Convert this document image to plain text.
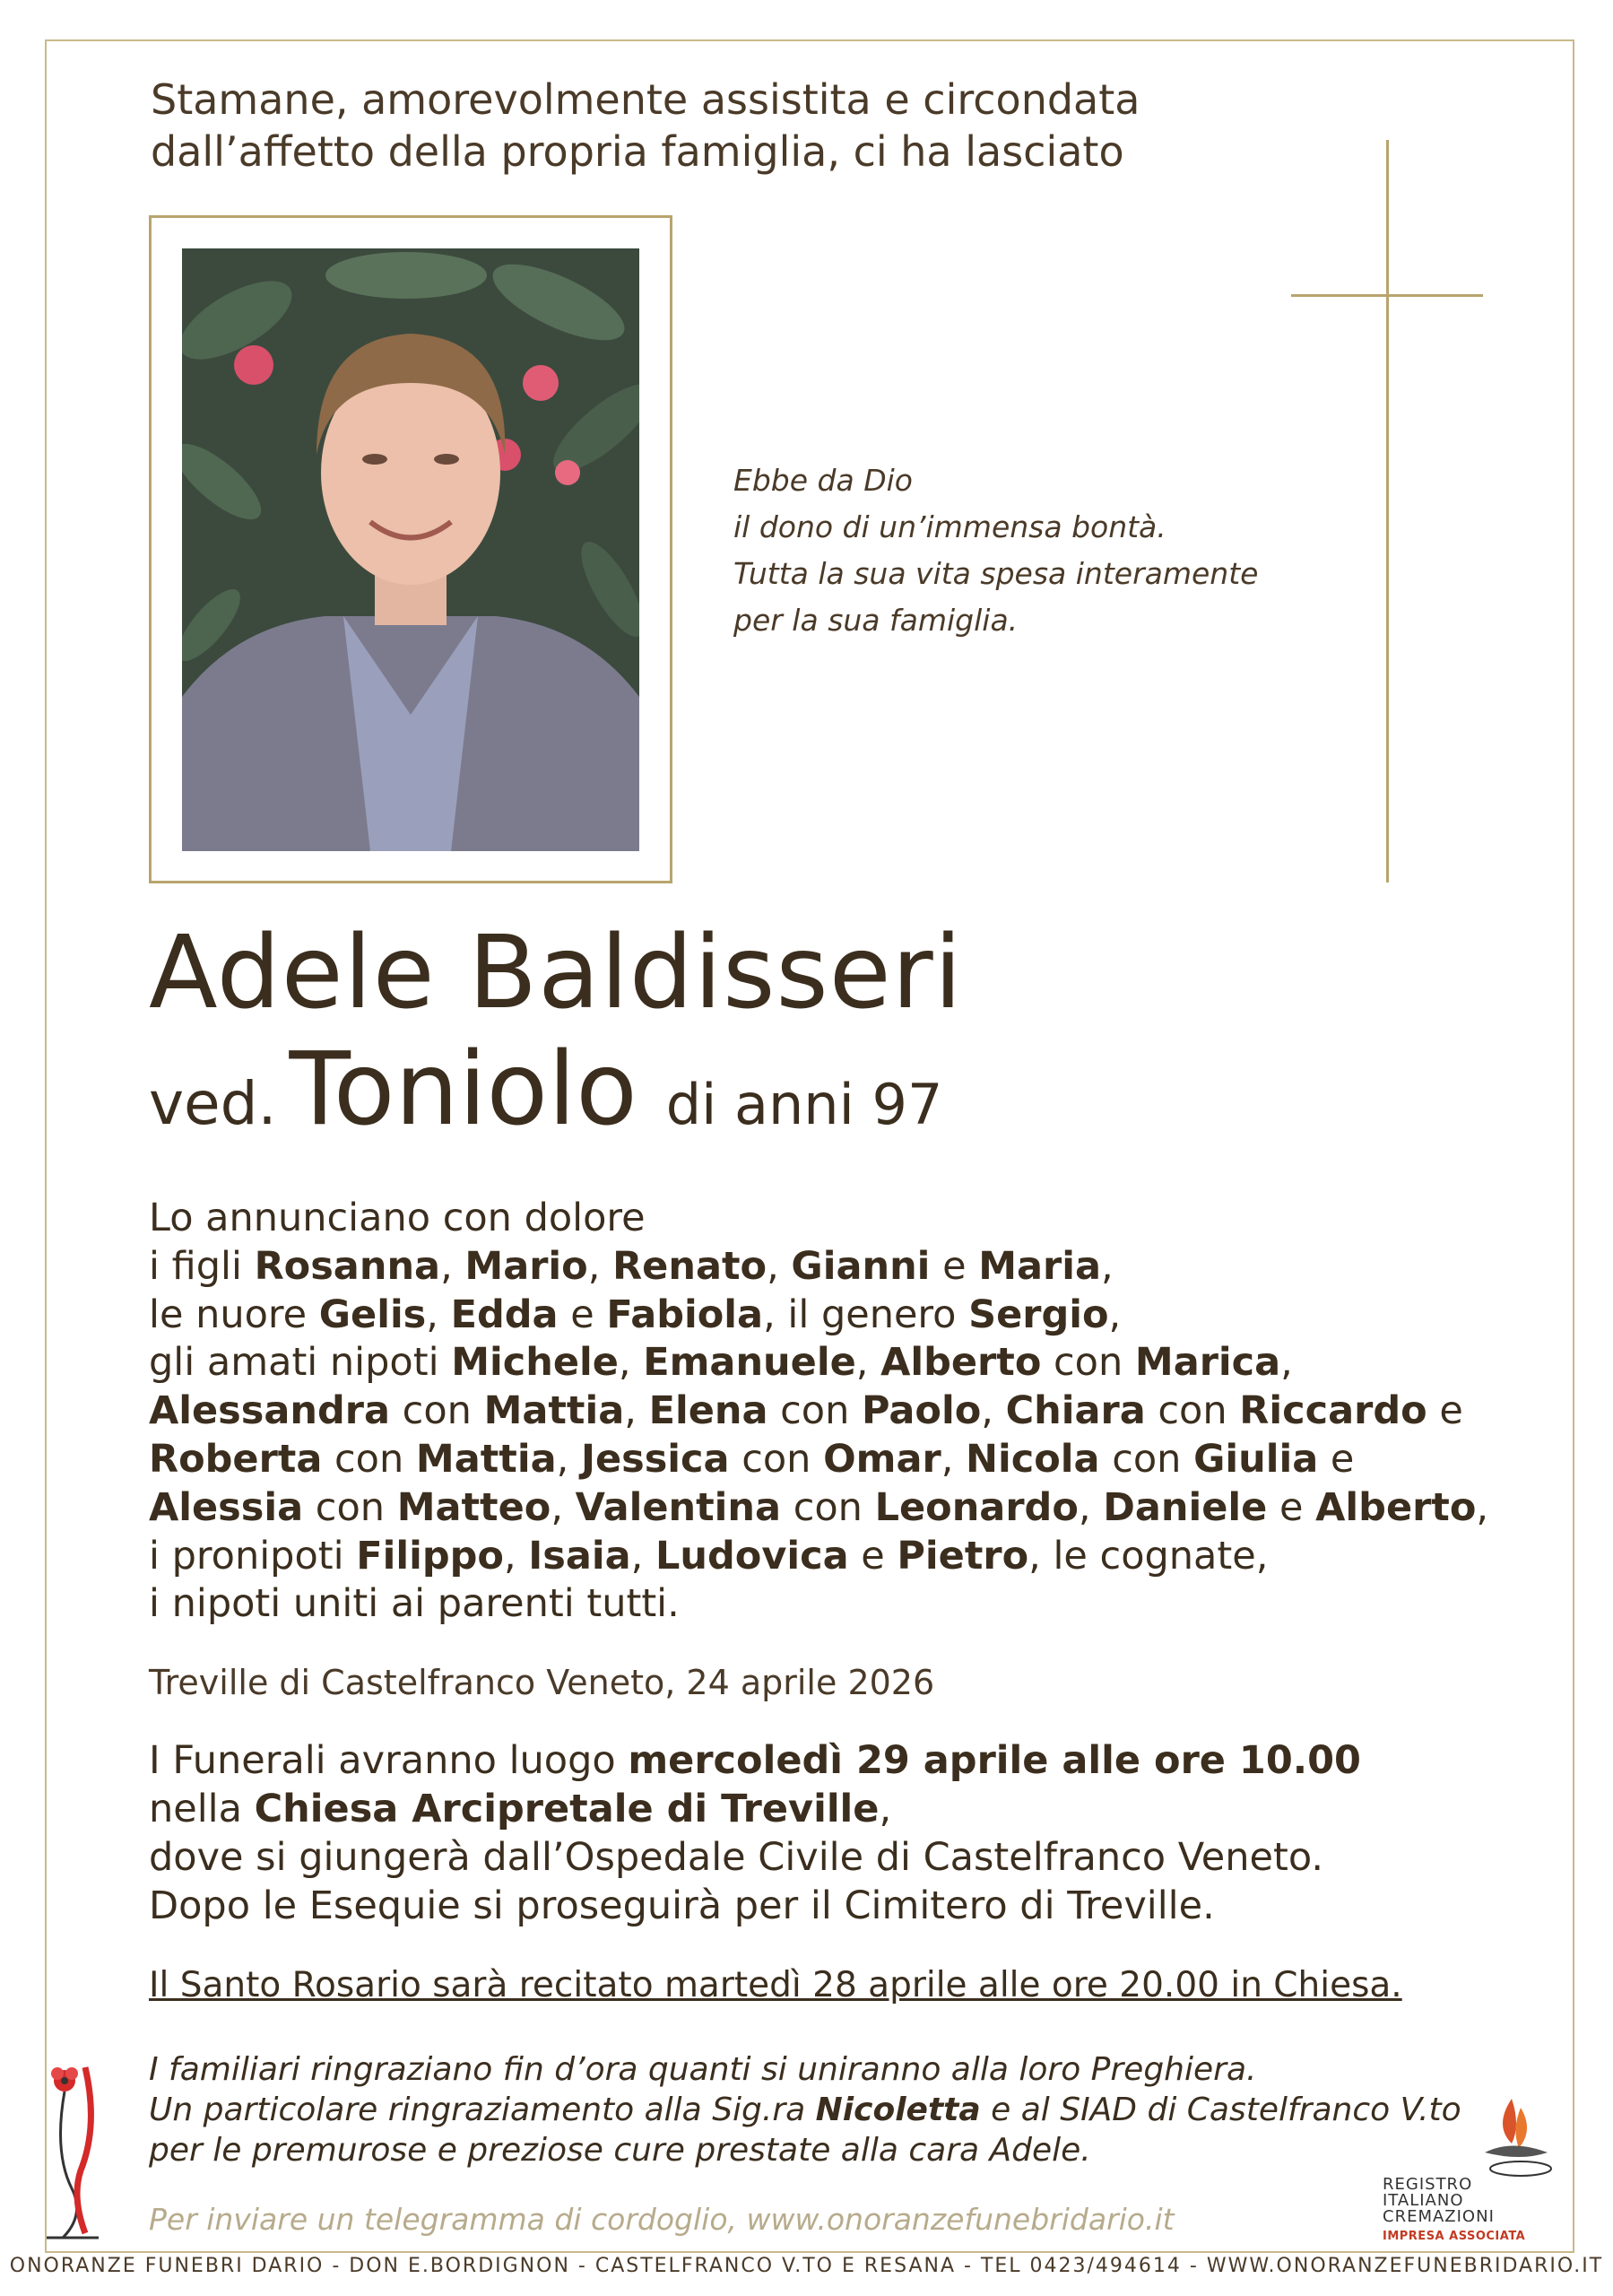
Stamane, amorevolmente assistita e circondata
dall’affetto della propria famiglia, ci ha lasciato
Ebbe da Dio
il dono di un’immensa bontà.
Tutta la sua vita spesa interamente
per la sua famiglia.
Adele Baldisseri
ved. Toniolo di anni 97
Lo annunciano con dolore
i figli Rosanna, Mario, Renato, Gianni e Maria,
le nuore Gelis, Edda e Fabiola, il genero Sergio,
gli amati nipoti Michele, Emanuele, Alberto con Marica,
Alessandra con Mattia, Elena con Paolo, Chiara con Riccardo e
Roberta con Mattia, Jessica con Omar, Nicola con Giulia e
Alessia con Matteo, Valentina con Leonardo, Daniele e Alberto,
i pronipoti Filippo, Isaia, Ludovica e Pietro, le cognate,
i nipoti uniti ai parenti tutti.
Treville di Castelfranco Veneto, 24 aprile 2026
I Funerali avranno luogo mercoledì 29 aprile alle ore 10.00
nella Chiesa Arcipretale di Treville,
dove si giungerà dall’Ospedale Civile di Castelfranco Veneto.
Dopo le Esequie si proseguirà per il Cimitero di Treville.
Il Santo Rosario sarà recitato martedì 28 aprile alle ore 20.00 in Chiesa.
I familiari ringraziano fin d’ora quanti si uniranno alla loro Preghiera.
Un particolare ringraziamento alla Sig.ra Nicoletta e al SIAD di Castelfranco V.to
per le premurose e preziose cure prestate alla cara Adele.
Per inviare un telegramma di cordoglio, www.onoranzefunebridario.it
REGISTRO
ITALIANO
CREMAZIONI
IMPRESA ASSOCIATA
ONORANZE FUNEBRI DARIO - DON E.BORDIGNON - CASTELFRANCO V.TO E RESANA - TEL 0423/494614 - WWW.ONORANZEFUNEBRIDARIO.IT
